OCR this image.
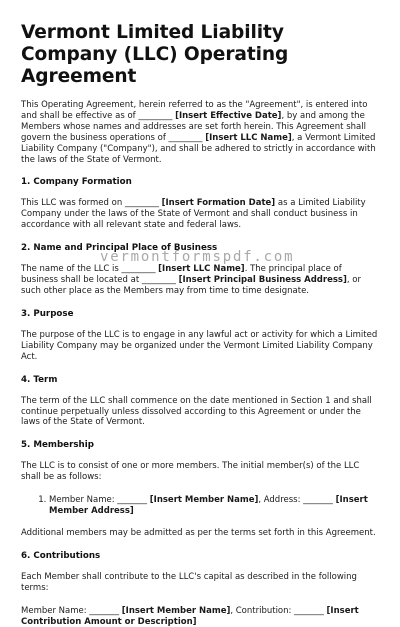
Vermont Limited Liability Company (LLC) Operating Agreement

This Operating Agreement, herein referred to as the "Agreement", is entered into and shall be effective as of ________ [Insert Effective Date], by and among the Members whose names and addresses are set forth herein. This Agreement shall govern the business operations of ________ [Insert LLC Name], a Vermont Limited Liability Company ("Company"), and shall be adhered to strictly in accordance with the laws of the State of Vermont.

1. Company Formation

This LLC was formed on ________ [Insert Formation Date] as a Limited Liability Company under the laws of the State of Vermont and shall conduct business in accordance with all relevant state and federal laws.

2. Name and Principal Place of Business

The name of the LLC is ________ [Insert LLC Name]. The principal place of business shall be located at ________ [Insert Principal Business Address], or such other place as the Members may from time to time designate.

3. Purpose

The purpose of the LLC is to engage in any lawful act or activity for which a Limited Liability Company may be organized under the Vermont Limited Liability Company Act.

4. Term

The term of the LLC shall commence on the date mentioned in Section 1 and shall continue perpetually unless dissolved according to this Agreement or under the laws of the State of Vermont.

5. Membership

The LLC is to consist of one or more members. The initial member(s) of the LLC shall be as follows:

1. Member Name: _______ [Insert Member Name], Address: _______ [Insert Member Address]

Additional members may be admitted as per the terms set forth in this Agreement.

6. Contributions

Each Member shall contribute to the LLC's capital as described in the following terms:

Member Name: _______ [Insert Member Name], Contribution: _______ [Insert Contribution Amount or Description]

vermontformspdf.com
